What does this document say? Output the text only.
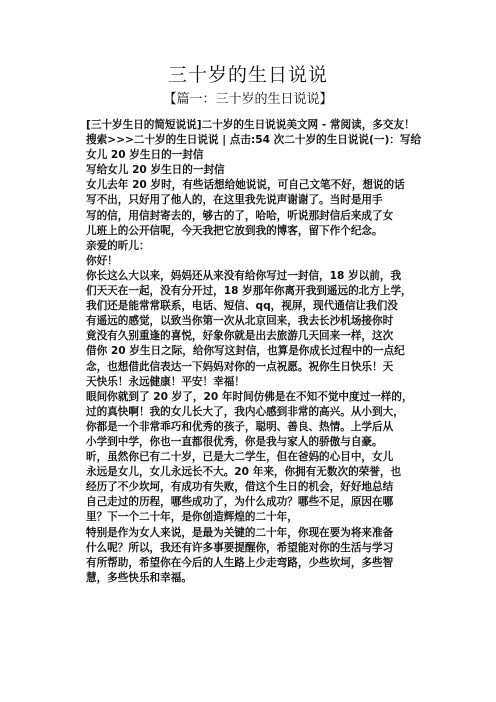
三十岁的生日说说
【篇一：三十岁的生日说说】
[三十岁生日的简短说说]二十岁的生日说说美文网 - 常阅读，多交友！
搜索>>>二十岁的生日说说 | 点击:54 次二十岁的生日说说(一)：写给
女儿 20 岁生日的一封信
写给女儿 20 岁生日的一封信
女儿去年 20 岁时，有些话想给她说说，可自己文笔不好，想说的话
写不出，只好用了他人的，在这里我先说声谢谢了。当时是用手
写的信，用信封寄去的，够古的了，哈哈，听说那封信后来成了女
儿班上的公开信呢，今天我把它放到我的博客，留下作个纪念。
亲爱的昕儿：
你好！
你长这么大以来，妈妈还从来没有给你写过一封信，18 岁以前，我
们天天在一起，没有分开过，18 岁那年你离开我到遥远的北方上学，
我们还是能常常联系，电话、短信、qq，视屏，现代通信让我们没
有遥远的感觉，以致当你第一次从北京回来，我去长沙机场接你时
竟没有久别重逢的喜悦，好象你就是出去旅游几天回来一样，这次
借你 20 岁生日之际，给你写这封信，也算是你成长过程中的一点纪
念，也想借此信表达一下妈妈对你的一点祝愿。祝你生日快乐！天
天快乐！永远健康！平安！幸福！
眼间你就到了 20 岁了，20 年时间仿佛是在不知不觉中度过一样的，
过的真快啊！我的女儿长大了，我内心感到非常的高兴。从小到大，
你都是一个非常乖巧和优秀的孩子，聪明、善良、热情。上学后从
小学到中学，你也一直都很优秀，你是我与家人的骄傲与自豪。
昕，虽然你已有二十岁，已是大二学生，但在爸妈的心目中，女儿
永远是女儿，女儿永远长不大。20 年来，你拥有无数次的荣誉，也
经历了不少坎坷，有成功有失败，借这个生日的机会，好好地总结
自己走过的历程，哪些成功了，为什么成功？哪些不足，原因在哪
里？下一个二十年，是你创造辉煌的二十年，
特别是作为女人来说，是最为关键的二十年，你现在要为将来准备
什么呢？所以，我还有许多事要提醒你，希望能对你的生活与学习
有所帮助，希望你在今后的人生路上少走弯路，少些坎坷，多些智
慧，多些快乐和幸福。
